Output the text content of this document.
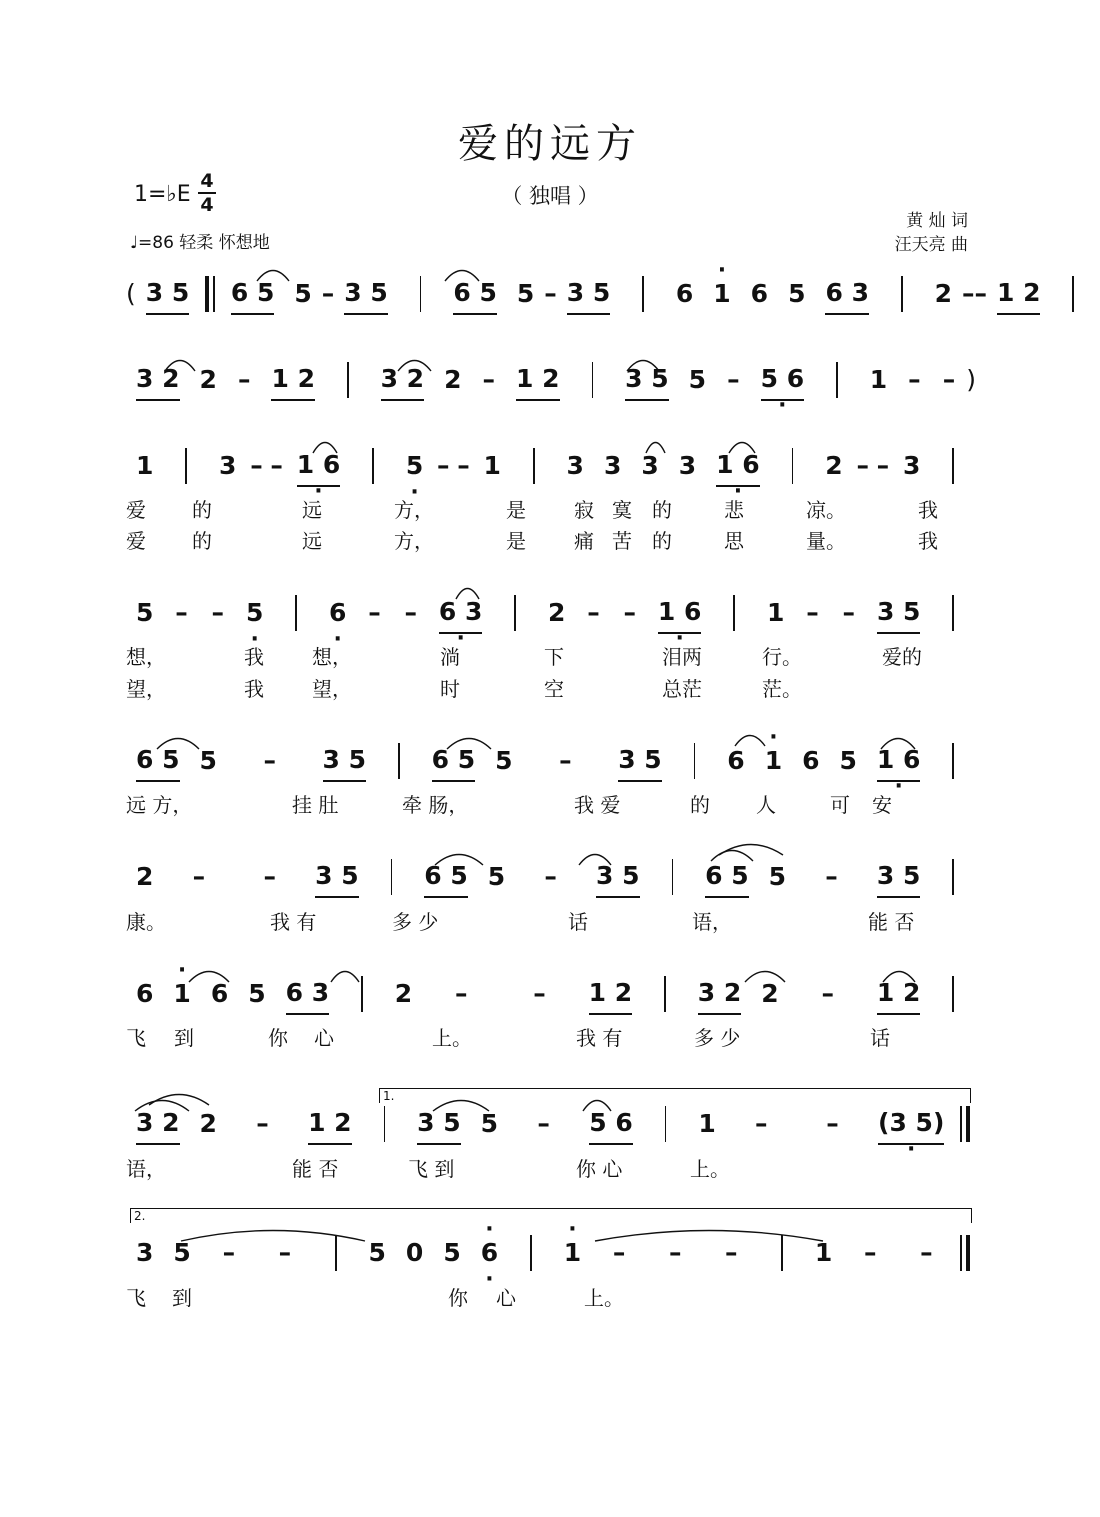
爱的远方
（ 独唱 ）
1=♭E
4
4
♩=86 轻柔 怀想地
黄 灿 词
汪天亮 曲
( 3 5 6 5 5 – 3 5	6 5 5 – 3 5	6 · 1 6 5 6 3	2 – – 1 2
3 2 2 – 1 2	3 2 2 – 1 2	3 5 5 – 5 6 ·	1 – – )
1	3 – – 1 6 ·	5 · – – 1	3 3 3 3 1 6 ·	2 – – 3
5 – – 5 ·	6 · – – 6 3 ·	2 – – 1 6 ·	1 – – 3 5
6 5 5	–	3 5	6 5 5	–	3 5	6 · 1 6 5 1 6 ·
2	–	–	3 5	6 5 5	–	3 5	6 5 5	–	3 5
6 · 1 6 5 6 3	2	–	–	1 2	3 2 2	–	1 2
3 2 2	–	1 2	3 5 5	–	5 6	1	–	–	(3 5) ·
3 5	–	–	5 0 5 · 6 ·	· 1	–	–	–	1	–	–
爱 的	远	方，	是 寂 寞 的	悲	凉。	我
爱 的	远	方，	是 痛 苦 的	思	量。	我
想，	我 想，	淌	下	泪两	行。	爱的
望，	我 望，	时	空	总茫	茫。
远 方，	挂 肚	牵 肠，	我 爱	的 人	可 安
康。	我 有	多 少	话	语，	能 否
飞 到	你 心	上。	我 有	多 少	话
语，	能 否	飞 到	你 心	上。
飞 到	你 心	上。
1.
2.
